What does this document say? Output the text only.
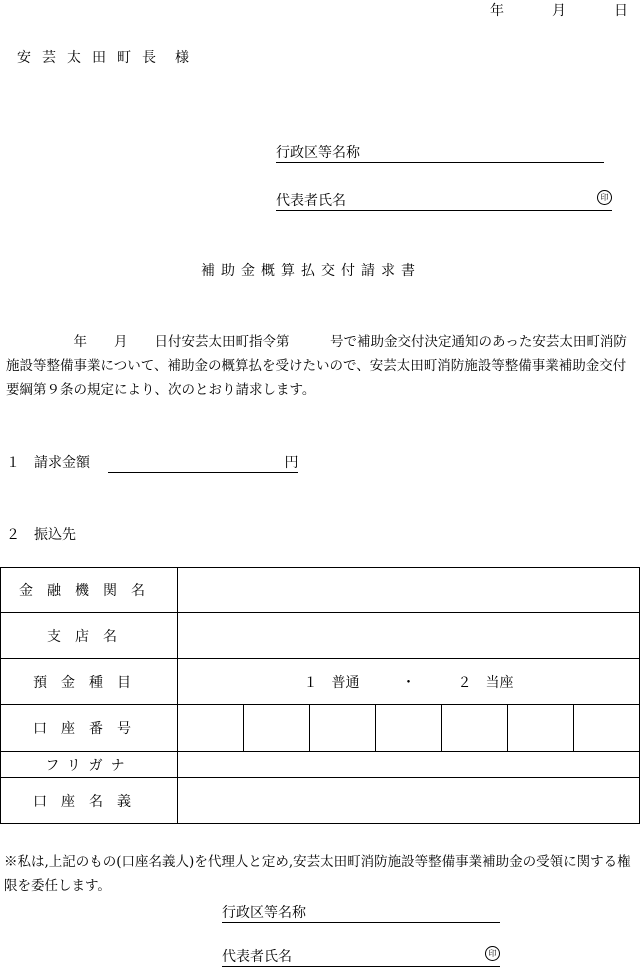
年	月	日
安芸太田町長 様
行政区等名称
代表者氏名	印
補助金概算払交付請求書
　　　　　年　　月　　日付安芸太田町指令第　　　号で補助金交付決定通知のあった安芸太田町消防施設等整備事業について、補助金の概算払を受けたいので、安芸太田町消防施設等整備事業補助金交付要綱第９条の規定により、次のとおり請求します。
１　請求金額	円
２　振込先
金融機関名	
支店名	
預金種目	１　普通　　　・　　　２　当座
口座番号	

フリガナ	
口座名義	
※私は,上記のもの(口座名義人)を代理人と定め,安芸太田町消防施設等整備事業補助金の受領に関する権限を委任します。
行政区等名称
代表者氏名	印
